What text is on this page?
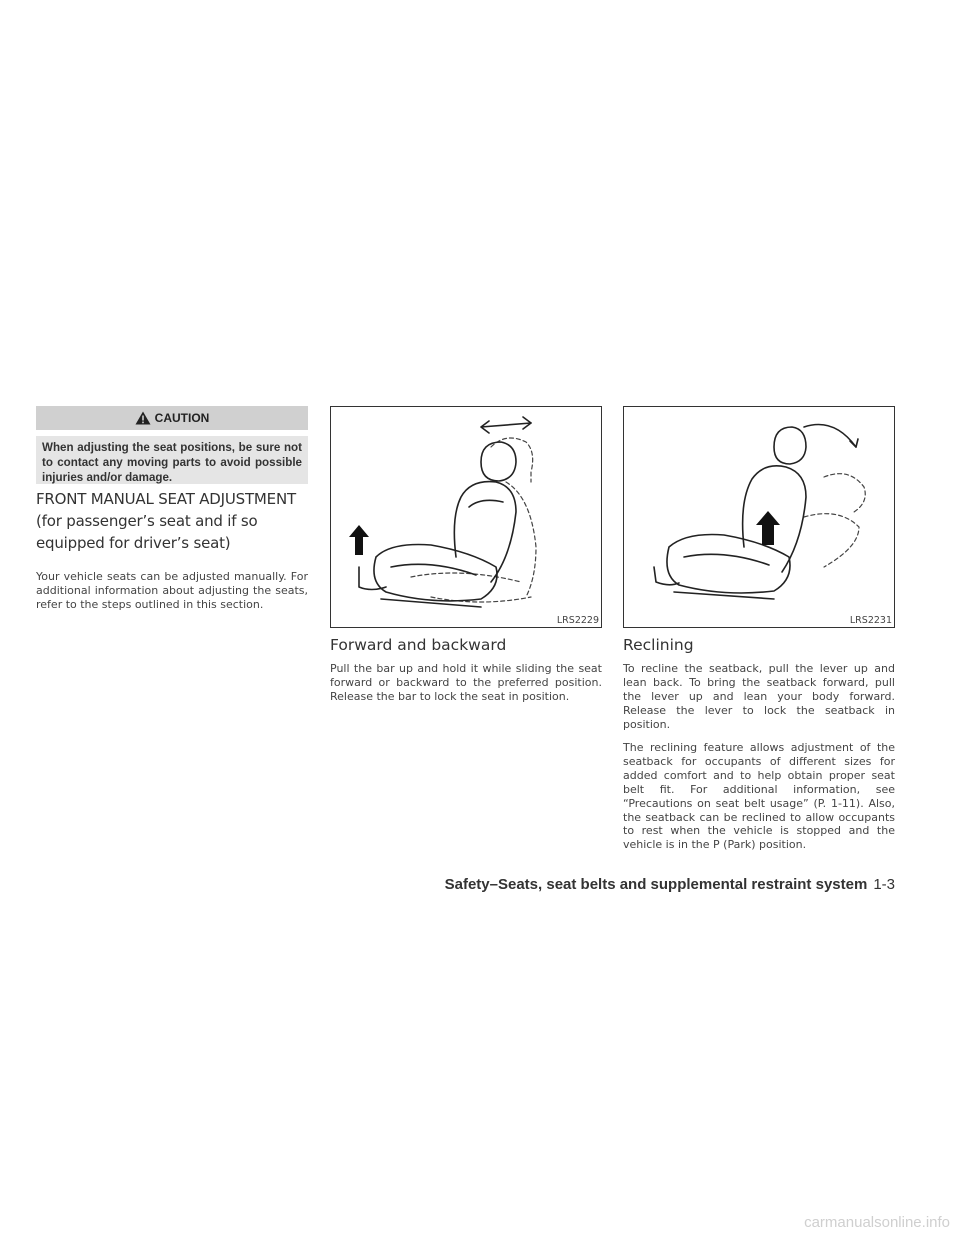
CAUTION
When adjusting the seat positions, be sure not to contact any moving parts to avoid possible injuries and/or damage.
FRONT MANUAL SEAT ADJUSTMENT (for passenger’s seat and if so equipped for driver’s seat)

Your vehicle seats can be adjusted manually. For additional information about adjusting the seats, refer to the steps outlined in this section.

LRS2229	LRS2231
Forward and backward

Pull the bar up and hold it while sliding the seat forward or backward to the preferred position. Release the bar to lock the seat in position.

Reclining

To recline the seatback, pull the lever up and lean back. To bring the seatback forward, pull the lever up and lean your body forward. Release the lever to lock the seatback in position.

The reclining feature allows adjustment of the seatback for occupants of different sizes for added comfort and to help obtain proper seat belt fit. For additional information, see “Precautions on seat belt usage” (P. 1-11). Also, the seatback can be reclined to allow occupants to rest when the vehicle is stopped and the vehicle is in the P (Park) position.

Safety–Seats, seat belts and supplemental restraint system 1-3
carmanualsonline.info
